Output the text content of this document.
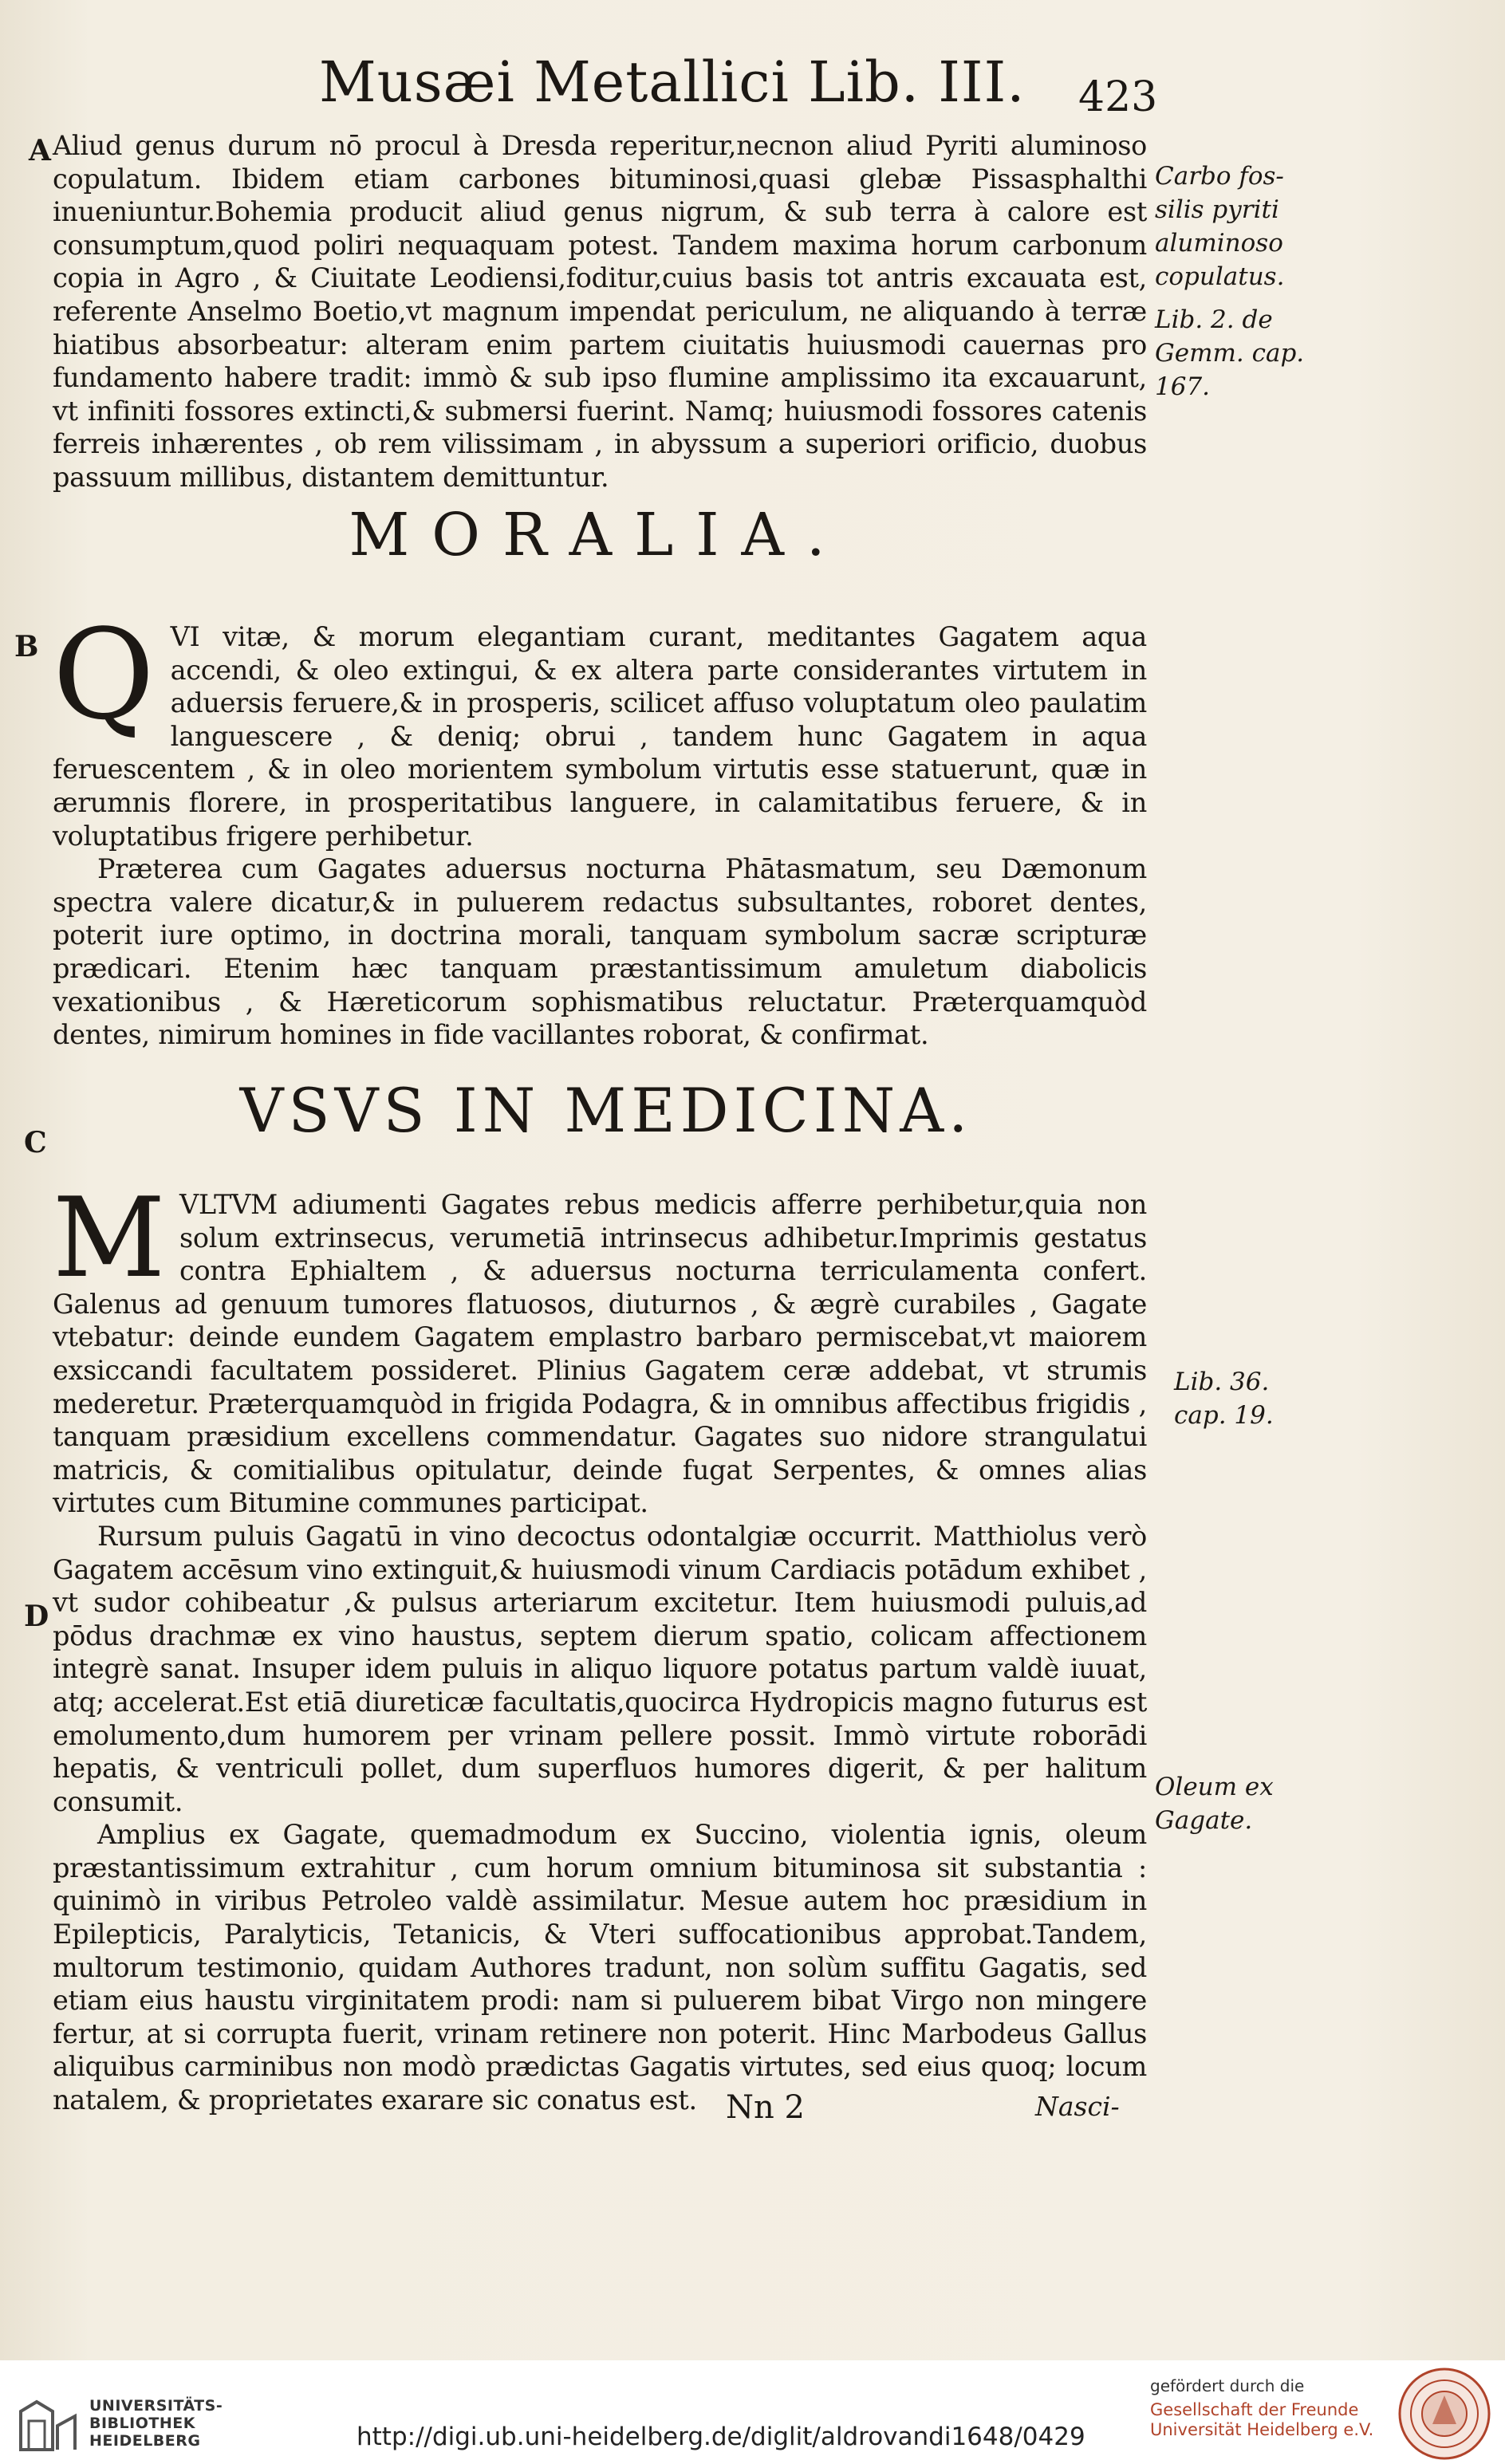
Musæi Metallici Lib. III. 423
A
B
C
D
Carbo fos-
silis pyriti
aluminoso
copulatus.
Lib. 2. de
Gemm. cap.
167.
Lib. 36.
cap. 19.
Oleum ex
Gagate.

Aliud genus durum nō procul à Dresda reperitur,necnon aliud Pyriti aluminoso copulatum. Ibidem etiam carbones bituminosi,quasi glebæ Pissasphalthi inueniuntur.Bohemia producit aliud genus nigrum, & sub terra à calore est consumptum,quod poliri nequaquam potest. Tandem maxima horum carbonum copia in Agro , & Ciuitate Leodiensi,foditur,cuius basis tot antris excauata est, referente Anselmo Boetio,vt magnum impendat periculum, ne aliquando à terræ hiatibus absorbeatur: alteram enim partem ciuitatis huiusmodi cauernas pro fundamento habere tradit: immò & sub ipso flumine amplissimo ita excauarunt, vt infiniti fossores extincti,& submersi fuerint. Namq; huiusmodi fossores catenis ferreis inhærentes , ob rem vilissimam , in abyssum a superiori orificio, duobus passuum millibus, distantem demittuntur.

MORALIA.
Q VI vitæ, & morum elegantiam curant, meditantes Gagatem aqua accendi, & oleo extingui, & ex altera parte considerantes virtutem in aduersis feruere,& in prosperis, scilicet affuso voluptatum oleo paulatim languescere , & deniq; obrui , tandem hunc Gagatem in aqua feruescentem , & in oleo morientem symbolum virtutis esse statuerunt, quæ in ærumnis florere, in prosperitatibus languere, in calamitatibus feruere, & in voluptatibus frigere perhibetur.

Præterea cum Gagates aduersus nocturna Phātasmatum, seu Dæmonum spectra valere dicatur,& in puluerem redactus subsultantes, roboret dentes, poterit iure optimo, in doctrina morali, tanquam symbolum sacræ scripturæ prædicari. Etenim hæc tanquam præstantissimum amuletum diabolicis vexationibus , & Hæreticorum sophismatibus reluctatur. Præterquamquòd dentes, nimirum homines in fide vacillantes roborat, & confirmat.

VSVS IN MEDICINA.
M VLTVM adiumenti Gagates rebus medicis afferre perhibetur,quia non solum extrinsecus, verumetiā intrinsecus adhibetur.Imprimis gestatus contra Ephialtem , & aduersus nocturna terriculamenta confert. Galenus ad genuum tumores flatuosos, diuturnos , & ægrè curabiles , Gagate vtebatur: deinde eundem Gagatem emplastro barbaro permiscebat,vt maiorem exsiccandi facultatem possideret. Plinius Gagatem ceræ addebat, vt strumis mederetur. Præterquamquòd in frigida Podagra, & in omnibus affectibus frigidis , tanquam præsidium excellens commendatur. Gagates suo nidore strangulatui matricis, & comitialibus opitulatur, deinde fugat Serpentes, & omnes alias virtutes cum Bitumine communes participat.

Rursum puluis Gagatū in vino decoctus odontalgiæ occurrit. Matthiolus verò Gagatem accēsum vino extinguit,& huiusmodi vinum Cardiacis potādum exhibet , vt sudor cohibeatur ,& pulsus arteriarum excitetur. Item huiusmodi puluis,ad pōdus drachmæ ex vino haustus, septem dierum spatio, colicam affectionem integrè sanat. Insuper idem puluis in aliquo liquore potatus partum valdè iuuat, atq; accelerat.Est etiā diureticæ facultatis,quocirca Hydropicis magno futurus est emolumento,dum humorem per vrinam pellere possit. Immò virtute roborādi hepatis, & ventriculi pollet, dum superfluos humores digerit, & per halitum consumit.

Amplius ex Gagate, quemadmodum ex Succino, violentia ignis, oleum præstantissimum extrahitur , cum horum omnium bituminosa sit substantia : quinimò in viribus Petroleo valdè assimilatur. Mesue autem hoc præsidium in Epilepticis, Paralyticis, Tetanicis, & Vteri suffocationibus approbat.Tandem, multorum testimonio, quidam Authores tradunt, non solùm suffitu Gagatis, sed etiam eius haustu virginitatem prodi: nam si puluerem bibat Virgo non mingere fertur, at si corrupta fuerit, vrinam retinere non poterit. Hinc Marbodeus Gallus aliquibus carminibus non modò prædictas Gagatis virtutes, sed eius quoq; locum natalem, & proprietates exarare sic conatus est. Nn 2	Nasci-
UNIVERSITÄTS-
BIBLIOTHEK
HEIDELBERG	http://digi.ub.uni-heidelberg.de/diglit/aldrovandi1648/0429
gefördert durch die
Gesellschaft der Freunde
Universität Heidelberg e.V.
